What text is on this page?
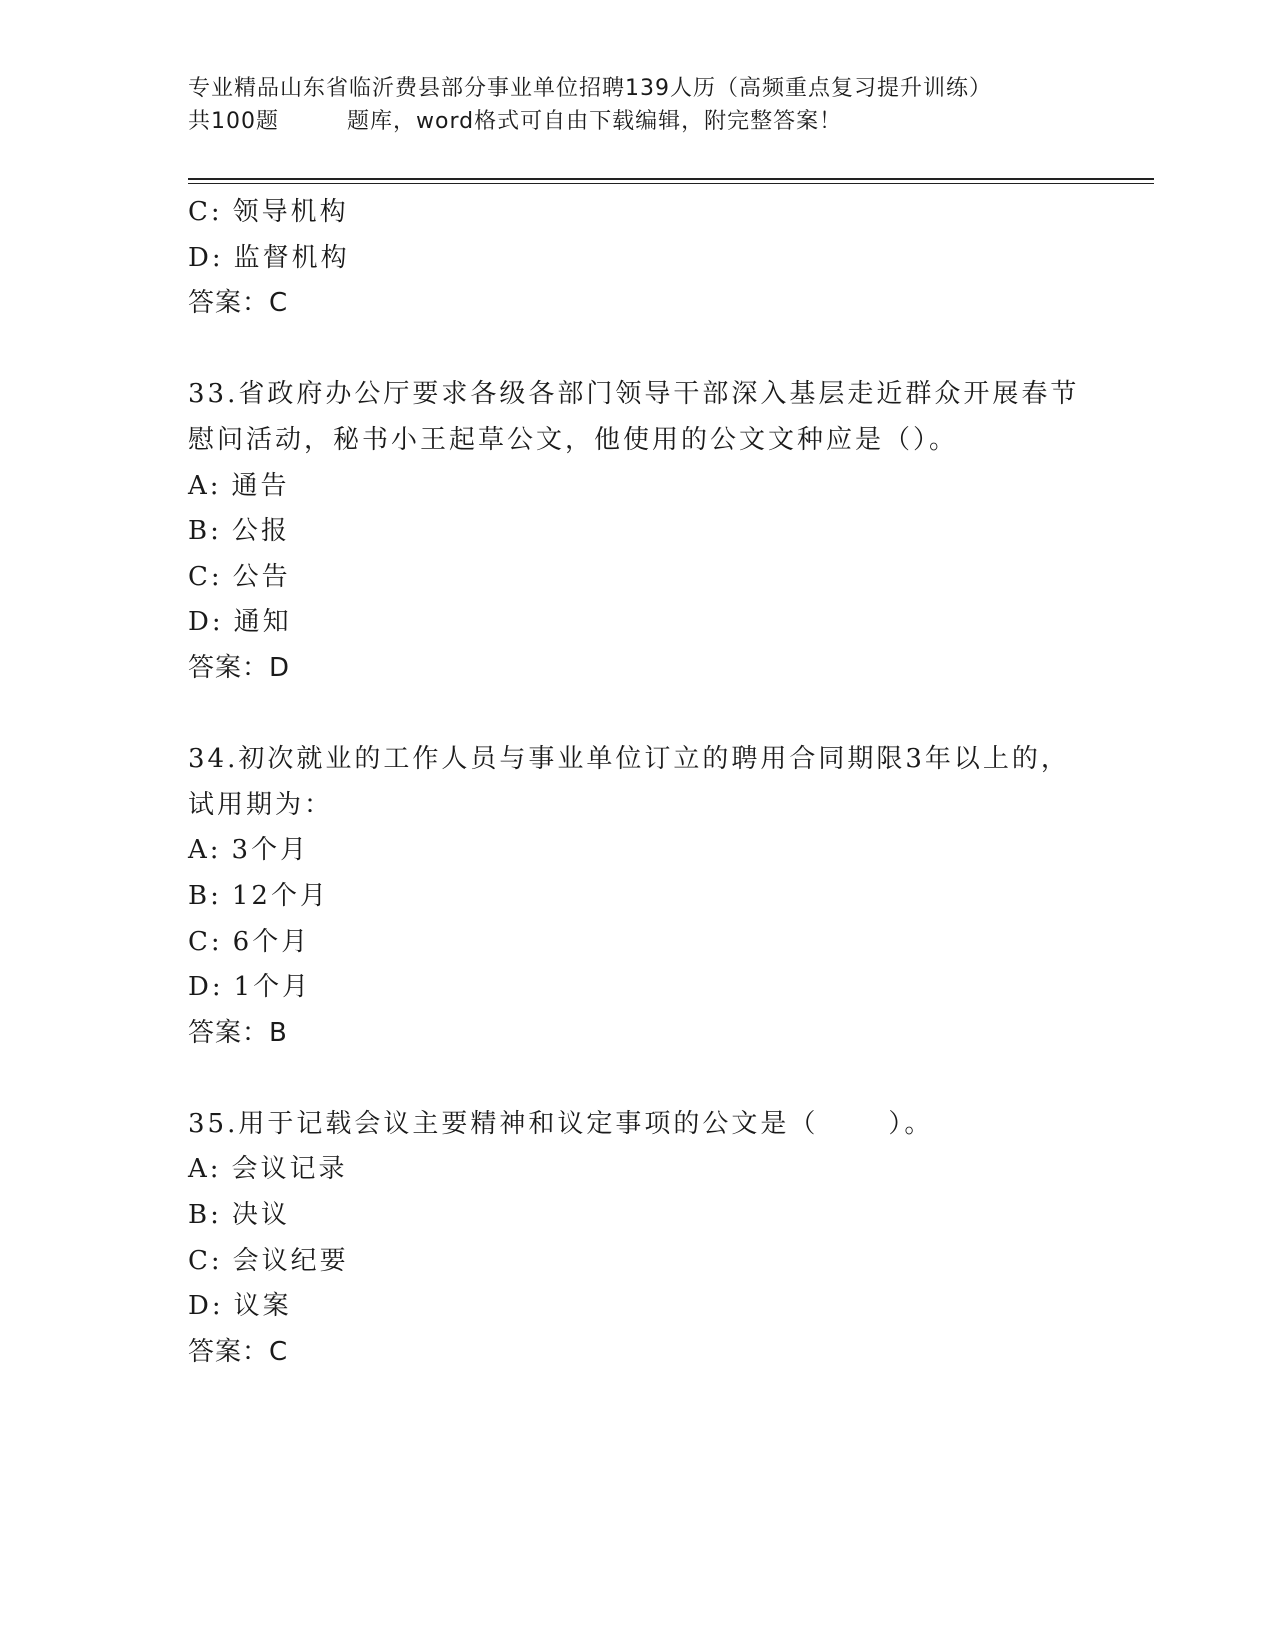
专业精品山东省临沂费县部分事业单位招聘139人历（高频重点复习提升训练）
共100题	题库，word格式可自由下载编辑，附完整答案！
C: 领导机构
D: 监督机构
答案：C
33.省政府办公厅要求各级各部门领导干部深入基层走近群众开展春节
慰问活动，秘书小王起草公文，他使用的公文文种应是（）。
A: 通告
B: 公报
C: 公告
D: 通知
答案：D
34.初次就业的工作人员与事业单位订立的聘用合同期限3年以上的，
试用期为：
A: 3个月
B: 12个月
C: 6个月
D: 1个月
答案：B
35.用于记载会议主要精神和议定事项的公文是（	）。
A: 会议记录
B: 决议
C: 会议纪要
D: 议案
答案：C
